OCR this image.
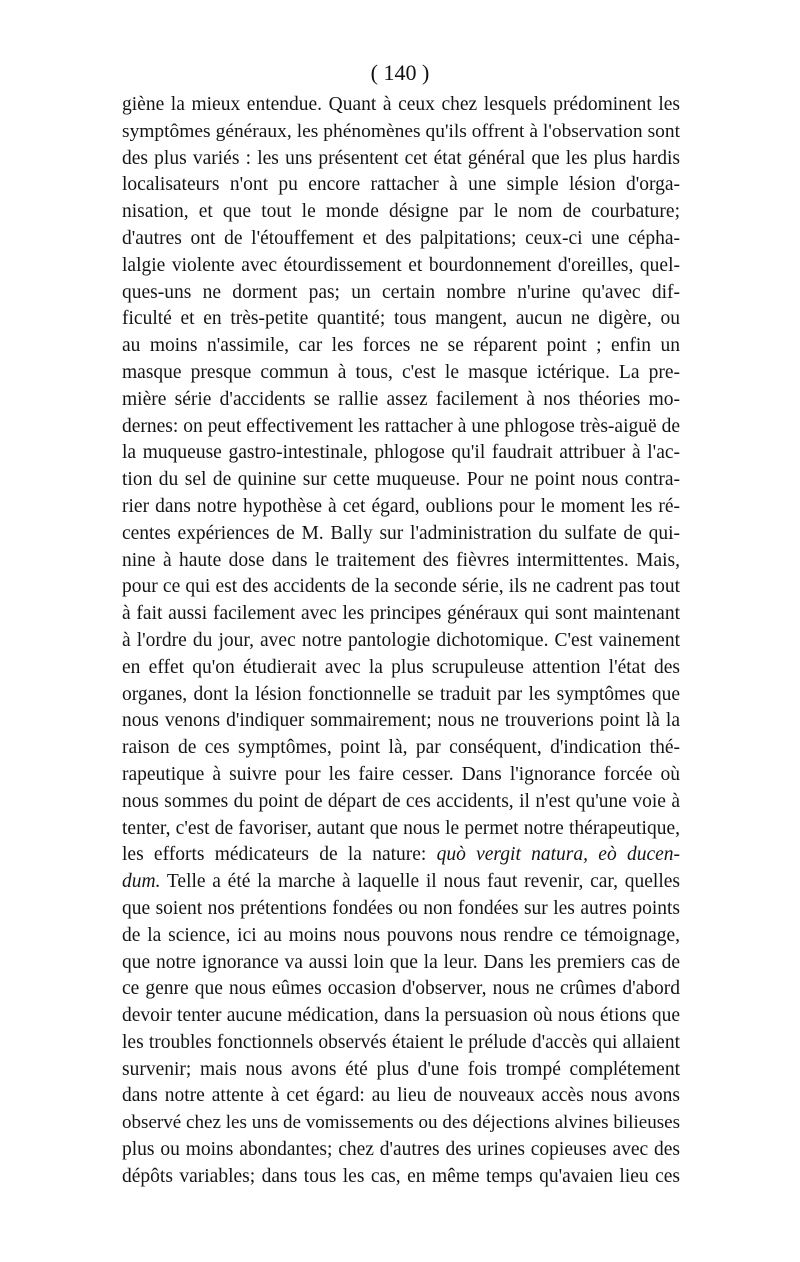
( 140 )
giène la mieux entendue. Quant à ceux chez lesquels prédominent les
symptômes généraux, les phénomènes qu'ils offrent à l'observation sont
des plus variés : les uns présentent cet état général que les plus hardis
localisateurs n'ont pu encore rattacher à une simple lésion d'orga-
nisation, et que tout le monde désigne par le nom de courbature;
d'autres ont de l'étouffement et des palpitations; ceux-ci une cépha-
lalgie violente avec étourdissement et bourdonnement d'oreilles, quel-
ques-uns ne dorment pas; un certain nombre n'urine qu'avec dif-
ficulté et en très-petite quantité; tous mangent, aucun ne digère, ou
au moins n'assimile, car les forces ne se réparent point ; enfin un
masque presque commun à tous, c'est le masque ictérique. La pre-
mière série d'accidents se rallie assez facilement à nos théories mo-
dernes: on peut effectivement les rattacher à une phlogose très-aiguë de
la muqueuse gastro-intestinale, phlogose qu'il faudrait attribuer à l'ac-
tion du sel de quinine sur cette muqueuse. Pour ne point nous contra-
rier dans notre hypothèse à cet égard, oublions pour le moment les ré-
centes expériences de M. Bally sur l'administration du sulfate de qui-
nine à haute dose dans le traitement des fièvres intermittentes. Mais,
pour ce qui est des accidents de la seconde série, ils ne cadrent pas tout
à fait aussi facilement avec les principes généraux qui sont maintenant
à l'ordre du jour, avec notre pantologie dichotomique. C'est vainement
en effet qu'on étudierait avec la plus scrupuleuse attention l'état des
organes, dont la lésion fonctionnelle se traduit par les symptômes que
nous venons d'indiquer sommairement; nous ne trouverions point là la
raison de ces symptômes, point là, par conséquent, d'indication thé-
rapeutique à suivre pour les faire cesser. Dans l'ignorance forcée où
nous sommes du point de départ de ces accidents, il n'est qu'une voie à
tenter, c'est de favoriser, autant que nous le permet notre thérapeutique,
les efforts médicateurs de la nature: quò vergit natura, eò ducen-
dum. Telle a été la marche à laquelle il nous faut revenir, car, quelles
que soient nos prétentions fondées ou non fondées sur les autres points
de la science, ici au moins nous pouvons nous rendre ce témoignage,
que notre ignorance va aussi loin que la leur. Dans les premiers cas de
ce genre que nous eûmes occasion d'observer, nous ne crûmes d'abord
devoir tenter aucune médication, dans la persuasion où nous étions que
les troubles fonctionnels observés étaient le prélude d'accès qui allaient
survenir; mais nous avons été plus d'une fois trompé complétement
dans notre attente à cet égard: au lieu de nouveaux accès nous avons
observé chez les uns de vomissements ou des déjections alvines bilieuses
plus ou moins abondantes; chez d'autres des urines copieuses avec des
dépôts variables; dans tous les cas, en même temps qu'avaien lieu ces
